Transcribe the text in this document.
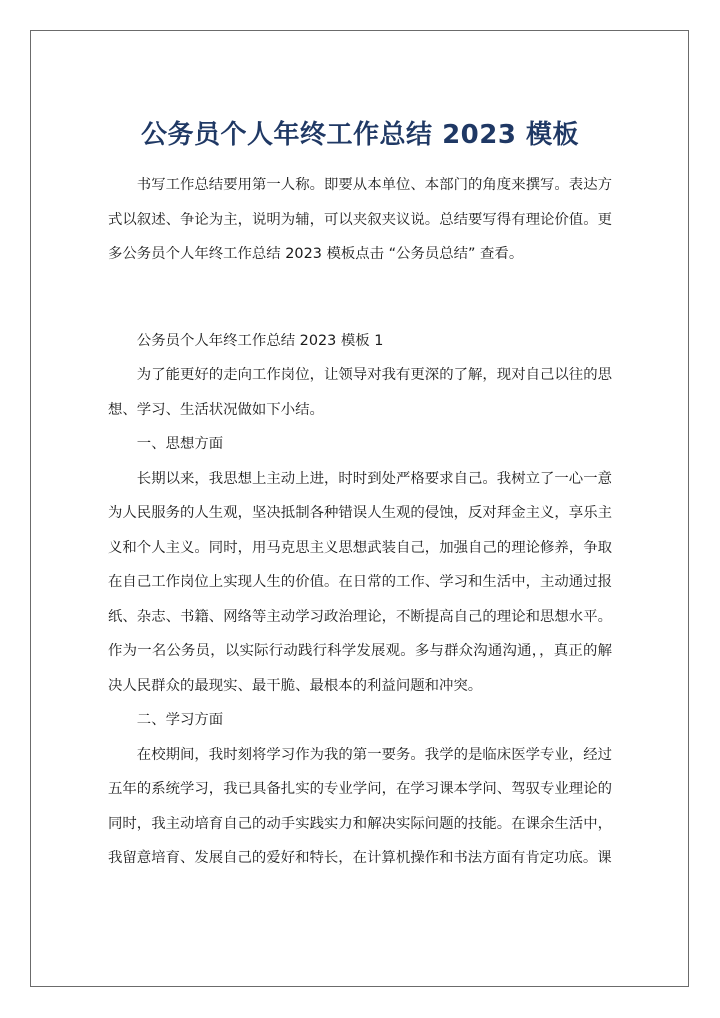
公务员个人年终工作总结 2023 模板

书写工作总结要用第一人称。即要从本单位、本部门的角度来撰写。表达方式以叙述、争论为主，说明为辅，可以夹叙夹议说。总结要写得有理论价值。更多公务员个人年终工作总结 2023 模板点击 “公务员总结” 查看。

公务员个人年终工作总结 2023 模板 1

为了能更好的走向工作岗位，让领导对我有更深的了解，现对自己以往的思想、学习、生活状况做如下小结。

一、思想方面

长期以来，我思想上主动上进，时时到处严格要求自己。我树立了一心一意为人民服务的人生观，坚决抵制各种错误人生观的侵蚀，反对拜金主义，享乐主义和个人主义。同时，用马克思主义思想武装自己，加强自己的理论修养，争取在自己工作岗位上实现人生的价值。在日常的工作、学习和生活中，主动通过报纸、杂志、书籍、网络等主动学习政治理论，不断提高自己的理论和思想水平。作为一名公务员，以实际行动践行科学发展观。多与群众沟通沟通，，真正的解决人民群众的最现实、最干脆、最根本的利益问题和冲突。

二、学习方面

在校期间，我时刻将学习作为我的第一要务。我学的是临床医学专业，经过五年的系统学习，我已具备扎实的专业学问，在学习课本学问、驾驭专业理论的同时，我主动培育自己的动手实践实力和解决实际问题的技能。在课余生活中，我留意培育、发展自己的爱好和特长，在计算机操作和书法方面有肯定功底。课
